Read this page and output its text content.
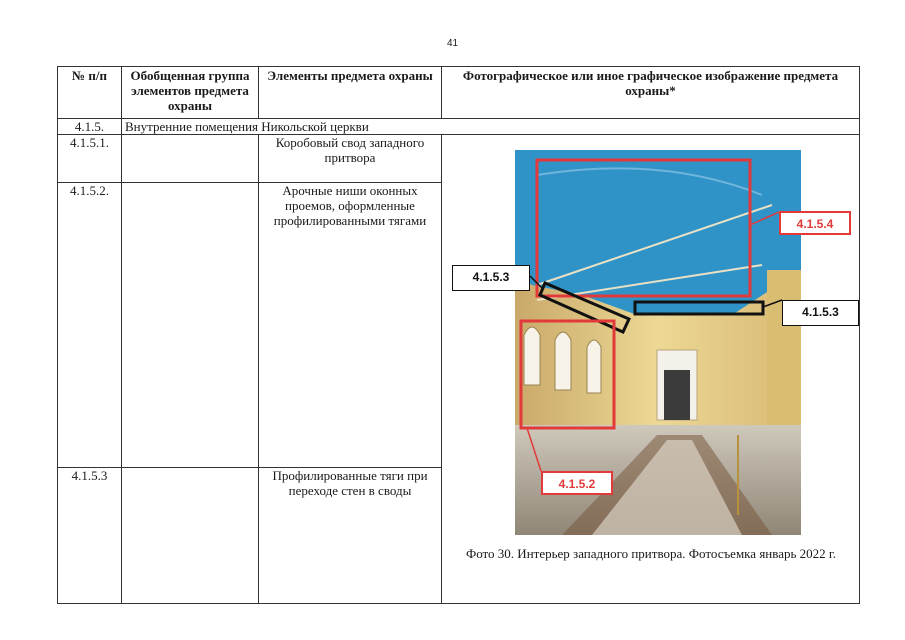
41
№ п/п	Обобщенная группа элементов предмета охраны	Элементы предмета охраны	Фотографическое или иное графическое изображение предмета охраны*
4.1.5.	Внутренние помещения Никольской церкви		
4.1.5.1.		Коробовый свод западного притвора	4.1.5.4
4.1.5.3
4.1.5.3
4.1.5.2
Фото 30. Интерьер западного притвора. Фотосъемка январь 2022 г.

4.1.5.2.		Арочные ниши оконных проемов, оформленные профилированными тягами	
4.1.5.3		Профилированные тяги при переходе стен в своды	
